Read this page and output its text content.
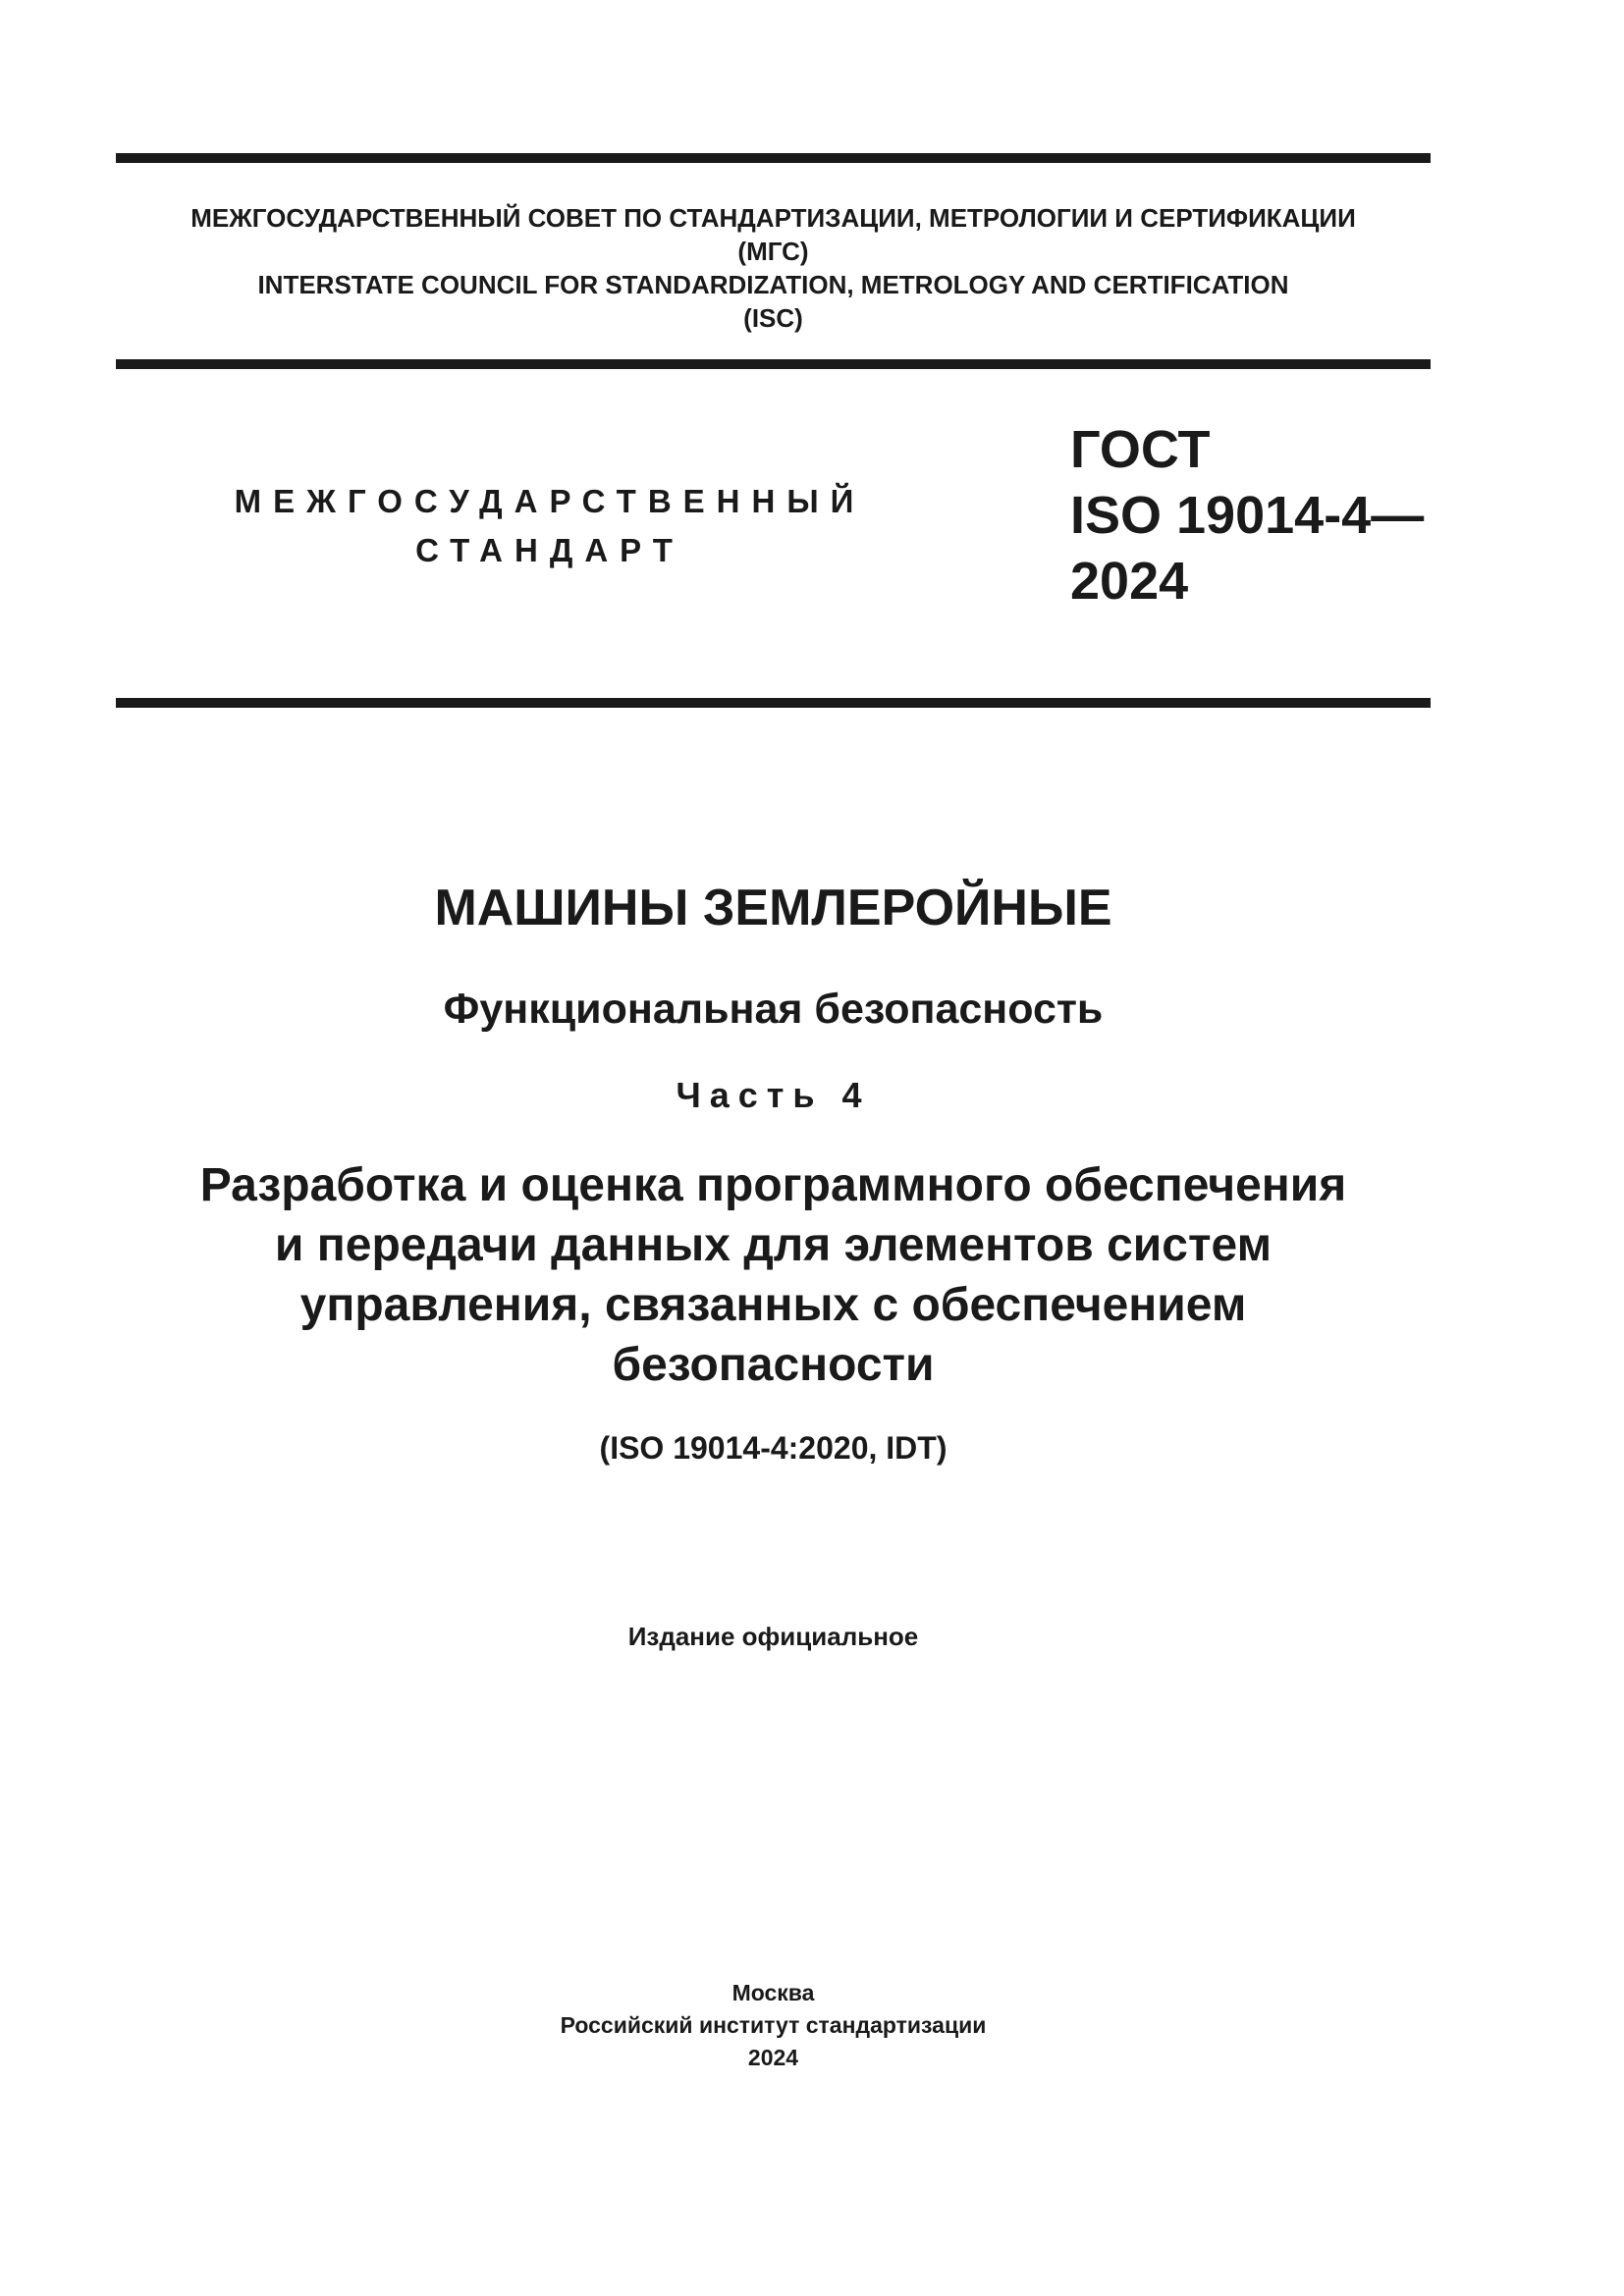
МЕЖГОСУДАРСТВЕННЫЙ СОВЕТ ПО СТАНДАРТИЗАЦИИ, МЕТРОЛОГИИ И СЕРТИФИКАЦИИ
(МГС)
INTERSTATE COUNCIL FOR STANDARDIZATION, METROLOGY AND CERTIFICATION
(ISC)
МЕЖГОСУДАРСТВЕННЫЙ
СТАНДАРТ
ГОСТ
ISO 19014-4—
2024
МАШИНЫ ЗЕМЛЕРОЙНЫЕ
Функциональная безопасность
Часть 4
Разработка и оценка программного обеспечения
и передачи данных для элементов систем
управления, связанных с обеспечением
безопасности
(ISO 19014-4:2020, IDT)
Издание официальное
Москва
Российский институт стандартизации
2024
